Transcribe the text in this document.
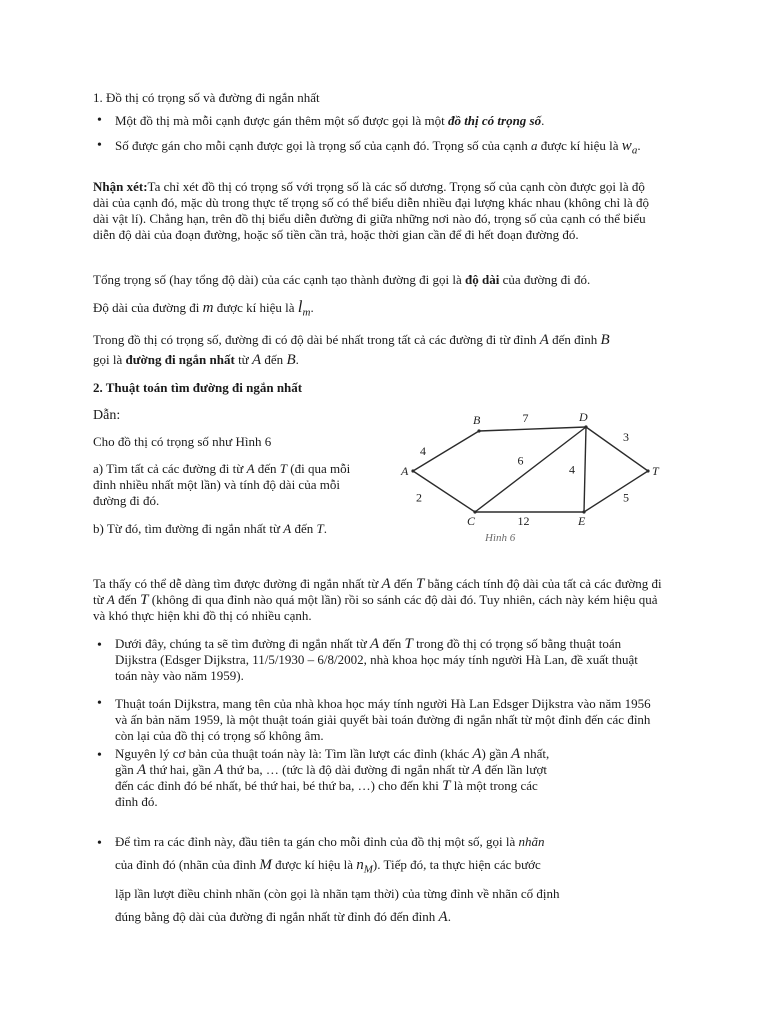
1. Đồ thị có trọng số và đường đi ngắn nhất

• Một đồ thị mà mỗi cạnh được gán thêm một số được gọi là một đồ thị có trọng số.

• Số được gán cho mỗi cạnh được gọi là trọng số của cạnh đó. Trọng số của cạnh a được kí hiệu là $w_a$.

Nhận xét:Ta chỉ xét đồ thị có trọng số với trọng số là các số dương. Trọng số của cạnh còn được gọi là độ dài của cạnh đó, mặc dù trong thực tế trọng số có thể biểu diễn nhiều đại lượng khác nhau (không chỉ là độ dài vật lí). Chẳng hạn, trên đồ thị biểu diễn đường đi giữa những nơi nào đó, trọng số của cạnh có thể biểu diễn độ dài của đoạn đường, hoặc số tiền cần trả, hoặc thời gian cần để đi hết đoạn đường đó.

Tổng trọng số (hay tổng độ dài) của các cạnh tạo thành đường đi gọi là độ dài của đường đi đó.

Độ dài của đường đi m được kí hiệu là $l_m$.

Trong đồ thị có trọng số, đường đi có độ dài bé nhất trong tất cả các đường đi từ đỉnh A đến đỉnh B
gọi là đường đi ngắn nhất từ A đến B.

2. Thuật toán tìm đường đi ngắn nhất

Dẫn:

Cho đồ thị có trọng số như Hình 6

a) Tìm tất cả các đường đi từ A đến T (đi qua mỗi đỉnh nhiều nhất một lần) và tính độ dài của mỗi đường đi đó.

b) Từ đó, tìm đường đi ngắn nhất từ A đến T.

4
2
7
6
4
12
3
5
A
B
C
D
E
T
Hình 6

Ta thấy có thể dễ dàng tìm được đường đi ngắn nhất từ A đến T bằng cách tính độ dài của tất cả các đường đi từ A đến T (không đi qua đỉnh nào quá một lần) rồi so sánh các độ dài đó. Tuy nhiên, cách này kém hiệu quả và khó thực hiện khi đồ thị có nhiều cạnh.

• Dưới đây, chúng ta sẽ tìm đường đi ngắn nhất từ A đến T trong đồ thị có trọng số bằng thuật toán Dijkstra (Edsger Dijkstra, 11/5/1930 – 6/8/2002, nhà khoa học máy tính người Hà Lan, đề xuất thuật toán này vào năm 1959).

• Thuật toán Dijkstra, mang tên của nhà khoa học máy tính người Hà Lan Edsger Dijkstra vào năm 1956 và ấn bản năm 1959, là một thuật toán giải quyết bài toán đường đi ngắn nhất từ một đỉnh đến các đỉnh còn lại của đồ thị có trọng số không âm.

• Nguyên lý cơ bản của thuật toán này là: Tìm lần lượt các đỉnh (khác A) gần A nhất,
gần A thứ hai, gần A thứ ba, … (tức là độ dài đường đi ngắn nhất từ A đến lần lượt
đến các đỉnh đó bé nhất, bé thứ hai, bé thứ ba, …) cho đến khi T là một trong các
đỉnh đó.

• Để tìm ra các đỉnh này, đầu tiên ta gán cho mỗi đỉnh của đồ thị một số, gọi là nhãn
của đỉnh đó (nhãn của đỉnh M được kí hiệu là $n_M$). Tiếp đó, ta thực hiện các bước
lặp lần lượt điều chỉnh nhãn (còn gọi là nhãn tạm thời) của từng đỉnh về nhãn cố định
đúng bằng độ dài của đường đi ngắn nhất từ đỉnh đó đến đỉnh A.
